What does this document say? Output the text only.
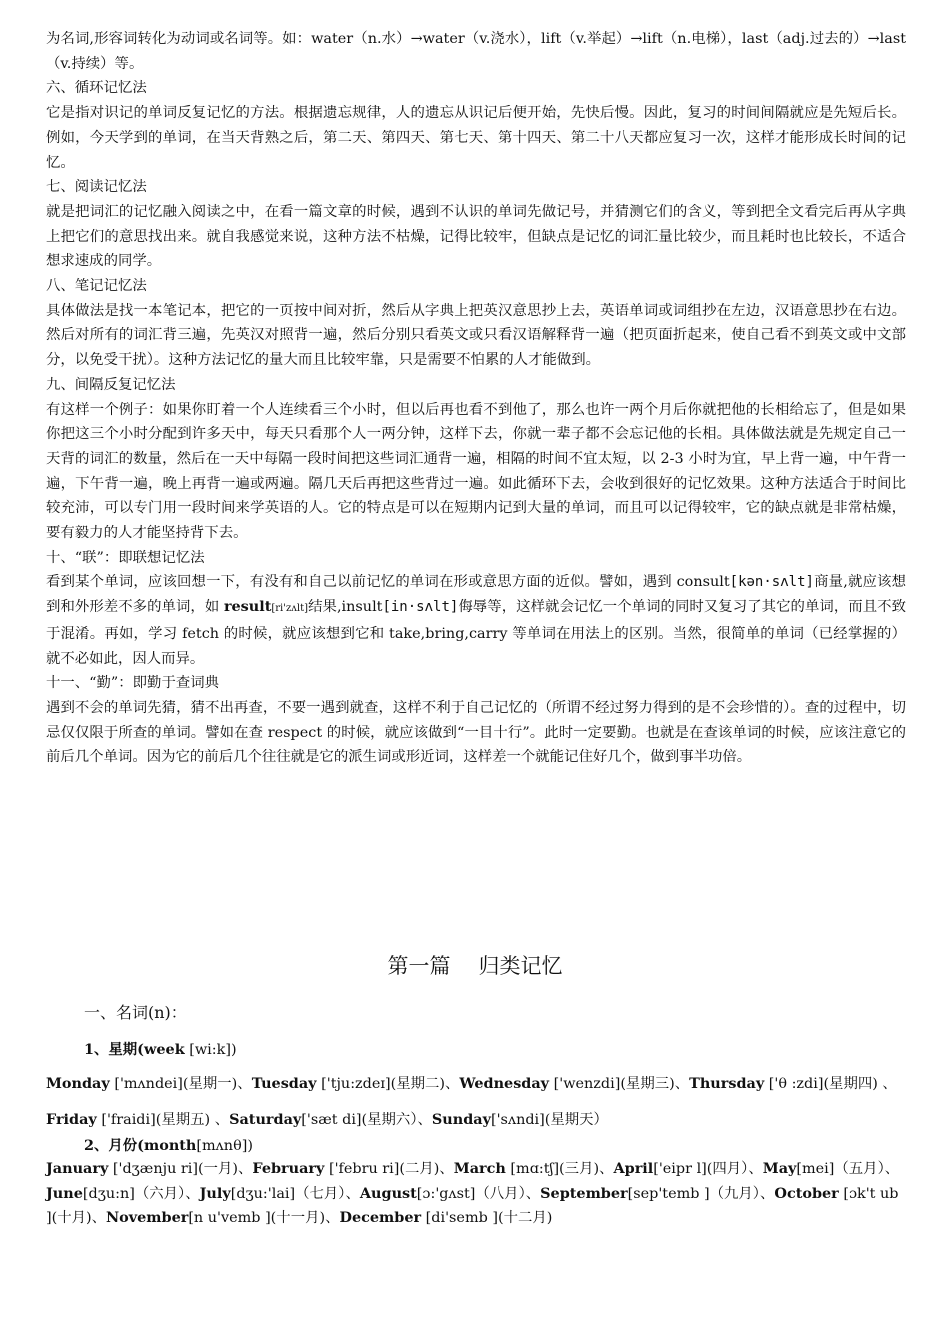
为名词,形容词转化为动词或名词等。如：water（n.水）→water（v.浇水），lift（v.举起）→lift（n.电梯），last（adj.过去的）→last（v.持续）等。

六、循环记忆法

它是指对识记的单词反复记忆的方法。根据遗忘规律，人的遗忘从识记后便开始，先快后慢。因此，复习的时间间隔就应是先短后长。例如，今天学到的单词，在当天背熟之后，第二天、第四天、第七天、第十四天、第二十八天都应复习一次，这样才能形成长时间的记忆。

七、阅读记忆法

就是把词汇的记忆融入阅读之中，在看一篇文章的时候，遇到不认识的单词先做记号，并猜测它们的含义，等到把全文看完后再从字典上把它们的意思找出来。就自我感觉来说，这种方法不枯燥，记得比较牢，但缺点是记忆的词汇量比较少，而且耗时也比较长，不适合想求速成的同学。

八、笔记记忆法

具体做法是找一本笔记本，把它的一页按中间对折，然后从字典上把英汉意思抄上去，英语单词或词组抄在左边，汉语意思抄在右边。然后对所有的词汇背三遍，先英汉对照背一遍，然后分别只看英文或只看汉语解释背一遍（把页面折起来，使自己看不到英文或中文部分，以免受干扰）。这种方法记忆的量大而且比较牢靠，只是需要不怕累的人才能做到。

九、间隔反复记忆法

有这样一个例子：如果你盯着一个人连续看三个小时，但以后再也看不到他了，那么也许一两个月后你就把他的长相给忘了，但是如果你把这三个小时分配到许多天中，每天只看那个人一两分钟，这样下去，你就一辈子都不会忘记他的长相。具体做法就是先规定自己一天背的词汇的数量，然后在一天中每隔一段时间把这些词汇通背一遍，相隔的时间不宜太短，以 2-3 小时为宜，早上背一遍，中午背一遍，下午背一遍，晚上再背一遍或两遍。隔几天后再把这些背过一遍。如此循环下去，会收到很好的记忆效果。这种方法适合于时间比较充沛，可以专门用一段时间来学英语的人。它的特点是可以在短期内记到大量的单词，而且可以记得较牢，它的缺点就是非常枯燥，要有毅力的人才能坚持背下去。

十、“联”：即联想记忆法

看到某个单词，应该回想一下，有没有和自己以前记忆的单词在形或意思方面的近似。譬如，遇到 consult[kən·sʌlt]商量,就应该想到和外形差不多的单词，如 result[ri'zʌlt]结果,insult[in·sʌlt]侮辱等，这样就会记忆一个单词的同时又复习了其它的单词，而且不致于混淆。再如，学习 fetch 的时候，就应该想到它和 take,bring,carry 等单词在用法上的区别。当然，很简单的单词（已经掌握的）就不必如此，因人而异。

十一、“勤”：即勤于查词典

遇到不会的单词先猜，猜不出再查，不要一遇到就查，这样不利于自己记忆的（所谓不经过努力得到的是不会珍惜的）。查的过程中，切忌仅仅限于所查的单词。譬如在查 respect 的时候，就应该做到“一目十行”。此时一定要勤。也就是在查该单词的时候，应该注意它的前后几个单词。因为它的前后几个往往就是它的派生词或形近词，这样差一个就能记住好几个，做到事半功倍。

第一篇 归类记忆
一、名词(n)：
1、星期(week [wi:k])

Monday ['mʌndei](星期一)、Tuesday ['tju:zdeɪ](星期二)、Wednesday ['wenzdi](星期三)、Thursday ['θ :zdi](星期四) 、

Friday ['fraidi](星期五) 、Saturday['sæt di](星期六）、Sunday['sʌndi](星期天）

2、月份(month[mʌnθ])

January ['dʒænju ri](一月)、February ['febru ri](二月)、March [mɑ:tʃ](三月)、April['eipr l](四月）、May[mei]（五月）、June[dʒu:n]（六月）、July[dʒu:'lai]（七月）、August[ɔ:'gʌst]（八月）、September[sep'temb ]（九月）、October [ɔk't ub ](十月)、November[n u'vemb ](十一月)、December [di'semb ](十二月)
